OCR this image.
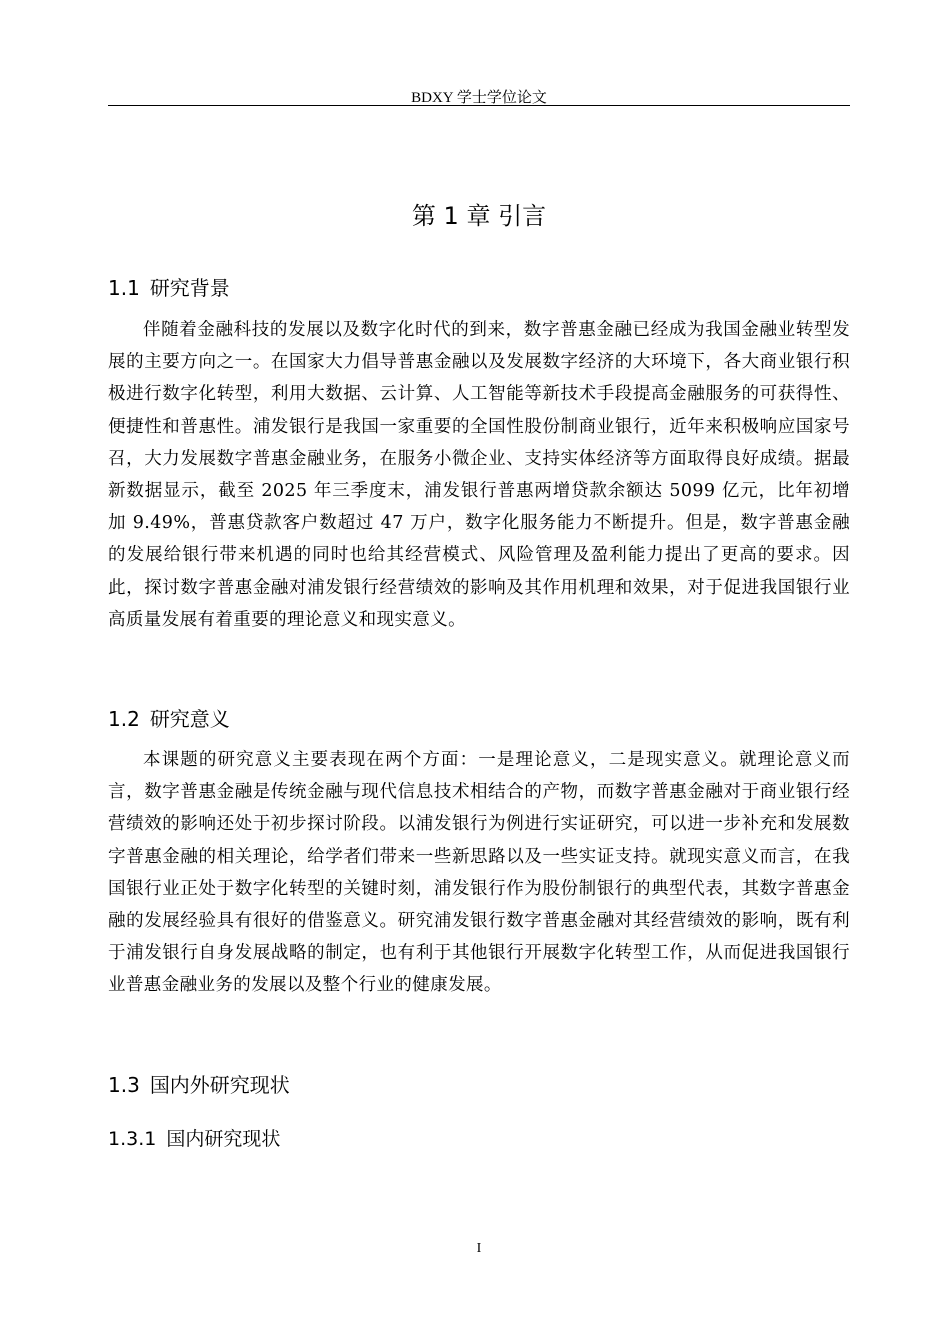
BDXY 学士学位论文
第 1 章 引言
1.1 研究背景

伴随着金融科技的发展以及数字化时代的到来，数字普惠金融已经成为我国金融业转型发展的主要方向之一。在国家大力倡导普惠金融以及发展数字经济的大环境下，各大商业银行积极进行数字化转型，利用大数据、云计算、人工智能等新技术手段提高金融服务的可获得性、便捷性和普惠性。浦发银行是我国一家重要的全国性股份制商业银行，近年来积极响应国家号召，大力发展数字普惠金融业务，在服务小微企业、支持实体经济等方面取得良好成绩。据最新数据显示，截至 2025 年三季度末，浦发银行普惠两增贷款余额达 5099 亿元，比年初增加 9.49%，普惠贷款客户数超过 47 万户，数字化服务能力不断提升。但是，数字普惠金融的发展给银行带来机遇的同时也给其经营模式、风险管理及盈利能力提出了更高的要求。因此，探讨数字普惠金融对浦发银行经营绩效的影响及其作用机理和效果，对于促进我国银行业高质量发展有着重要的理论意义和现实意义。

1.2 研究意义

本课题的研究意义主要表现在两个方面：一是理论意义，二是现实意义。就理论意义而言，数字普惠金融是传统金融与现代信息技术相结合的产物，而数字普惠金融对于商业银行经营绩效的影响还处于初步探讨阶段。以浦发银行为例进行实证研究，可以进一步补充和发展数字普惠金融的相关理论，给学者们带来一些新思路以及一些实证支持。就现实意义而言，在我国银行业正处于数字化转型的关键时刻，浦发银行作为股份制银行的典型代表，其数字普惠金融的发展经验具有很好的借鉴意义。研究浦发银行数字普惠金融对其经营绩效的影响，既有利于浦发银行自身发展战略的制定，也有利于其他银行开展数字化转型工作，从而促进我国银行业普惠金融业务的发展以及整个行业的健康发展。

1.3 国内外研究现状
1.3.1 国内研究现状
I
